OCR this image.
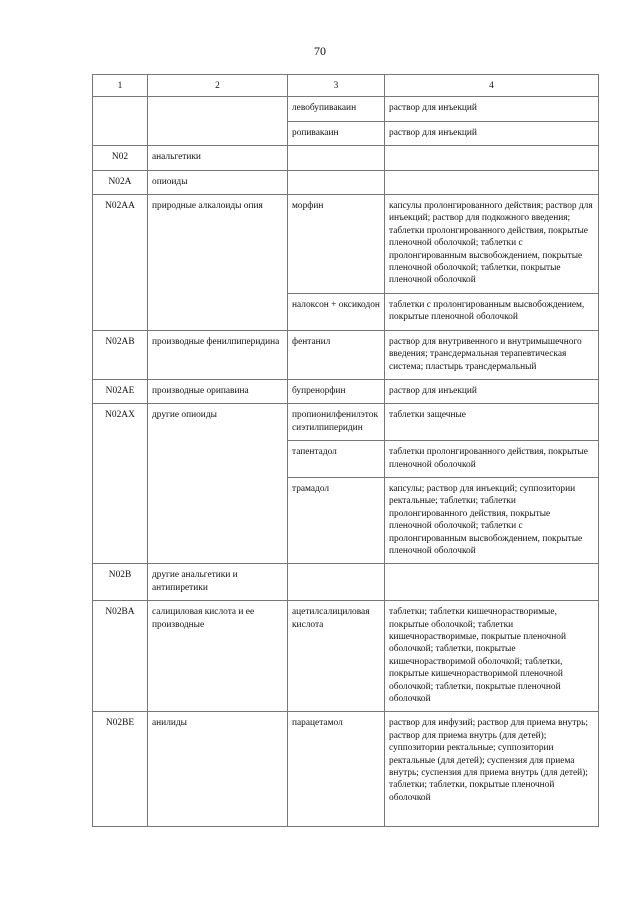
70
1	2	3	4
		левобупивакаин	раствор для инъекций
		ропивакаин	раствор для инъекций
N02	анальгетики		
N02A	опиоиды		
N02AA	природные алкалоиды опия	морфин	капсулы пролонгированного действия; раствор для инъекций; раствор для подкожного введения; таблетки пролонгированного действия, покрытые пленочной оболочкой; таблетки с пролонгированным высвобождением, покрытые пленочной оболочкой; таблетки, покрытые пленочной оболочкой
		налоксон + оксикодон	таблетки с пролонгированным высвобождением, покрытые пленочной оболочкой
N02AB	производные фенилпиперидина	фентанил	раствор для внутривенного и внутримышечного введения; трансдермальная терапевтическая система; пластырь трансдермальный
N02AE	производные орипавина	бупренорфин	раствор для инъекций
N02AX	другие опиоиды	пропионилфенилэтоксиэтилпиперидин	таблетки защечные
		тапентадол	таблетки пролонгированного действия, покрытые пленочной оболочкой
		трамадол	капсулы; раствор для инъекций; суппозитории ректальные; таблетки; таблетки пролонгированного действия, покрытые пленочной оболочкой; таблетки с пролонгированным высвобождением, покрытые пленочной оболочкой
N02B	другие анальгетики и антипиретики		
N02BA	салициловая кислота и ее производные	ацетилсалициловая кислота	таблетки; таблетки кишечнорастворимые, покрытые оболочкой; таблетки кишечнорастворимые, покрытые пленочной оболочкой; таблетки, покрытые кишечнорастворимой оболочкой; таблетки, покрытые кишечнорастворимой пленочной оболочкой; таблетки, покрытые пленочной оболочкой
N02BE	анилиды	парацетамол	раствор для инфузий; раствор для приема внутрь; раствор для приема внутрь (для детей); суппозитории ректальные; суппозитории ректальные (для детей); суспензия для приема внутрь; суспензия для приема внутрь (для детей); таблетки; таблетки, покрытые пленочной оболочкой
